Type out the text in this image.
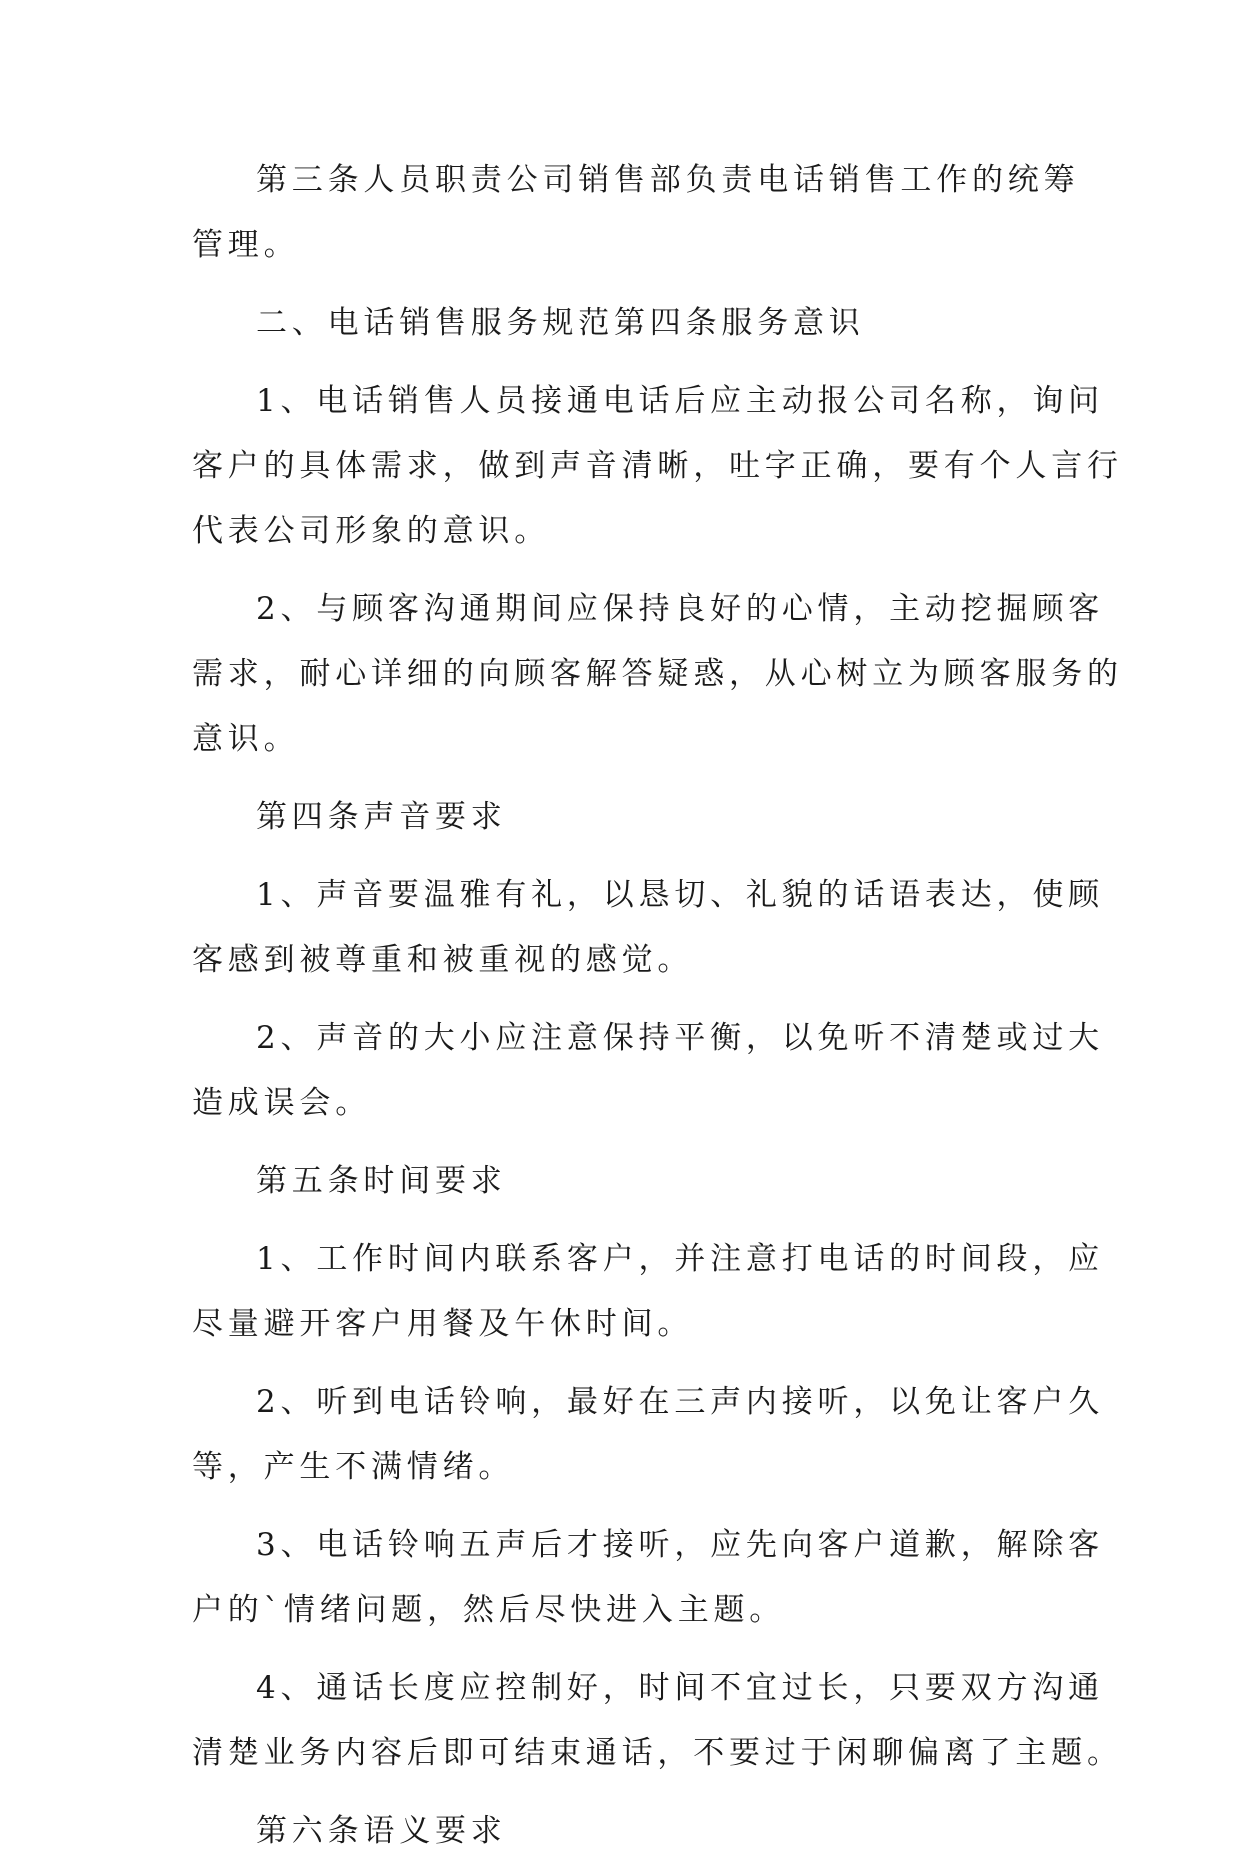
第三条人员职责公司销售部负责电话销售工作的统筹
管理。
二、电话销售服务规范第四条服务意识
1、电话销售人员接通电话后应主动报公司名称，询问
客户的具体需求，做到声音清晰，吐字正确，要有个人言行
代表公司形象的意识。
2、与顾客沟通期间应保持良好的心情，主动挖掘顾客
需求，耐心详细的向顾客解答疑惑，从心树立为顾客服务的
意识。
第四条声音要求
1、声音要温雅有礼，以恳切、礼貌的话语表达，使顾
客感到被尊重和被重视的感觉。
2、声音的大小应注意保持平衡，以免听不清楚或过大
造成误会。
第五条时间要求
1、工作时间内联系客户，并注意打电话的时间段，应
尽量避开客户用餐及午休时间。
2、听到电话铃响，最好在三声内接听，以免让客户久
等，产生不满情绪。
3、电话铃响五声后才接听，应先向客户道歉，解除客
户的`情绪问题，然后尽快进入主题。
4、通话长度应控制好，时间不宜过长，只要双方沟通
清楚业务内容后即可结束通话，不要过于闲聊偏离了主题。
第六条语义要求
